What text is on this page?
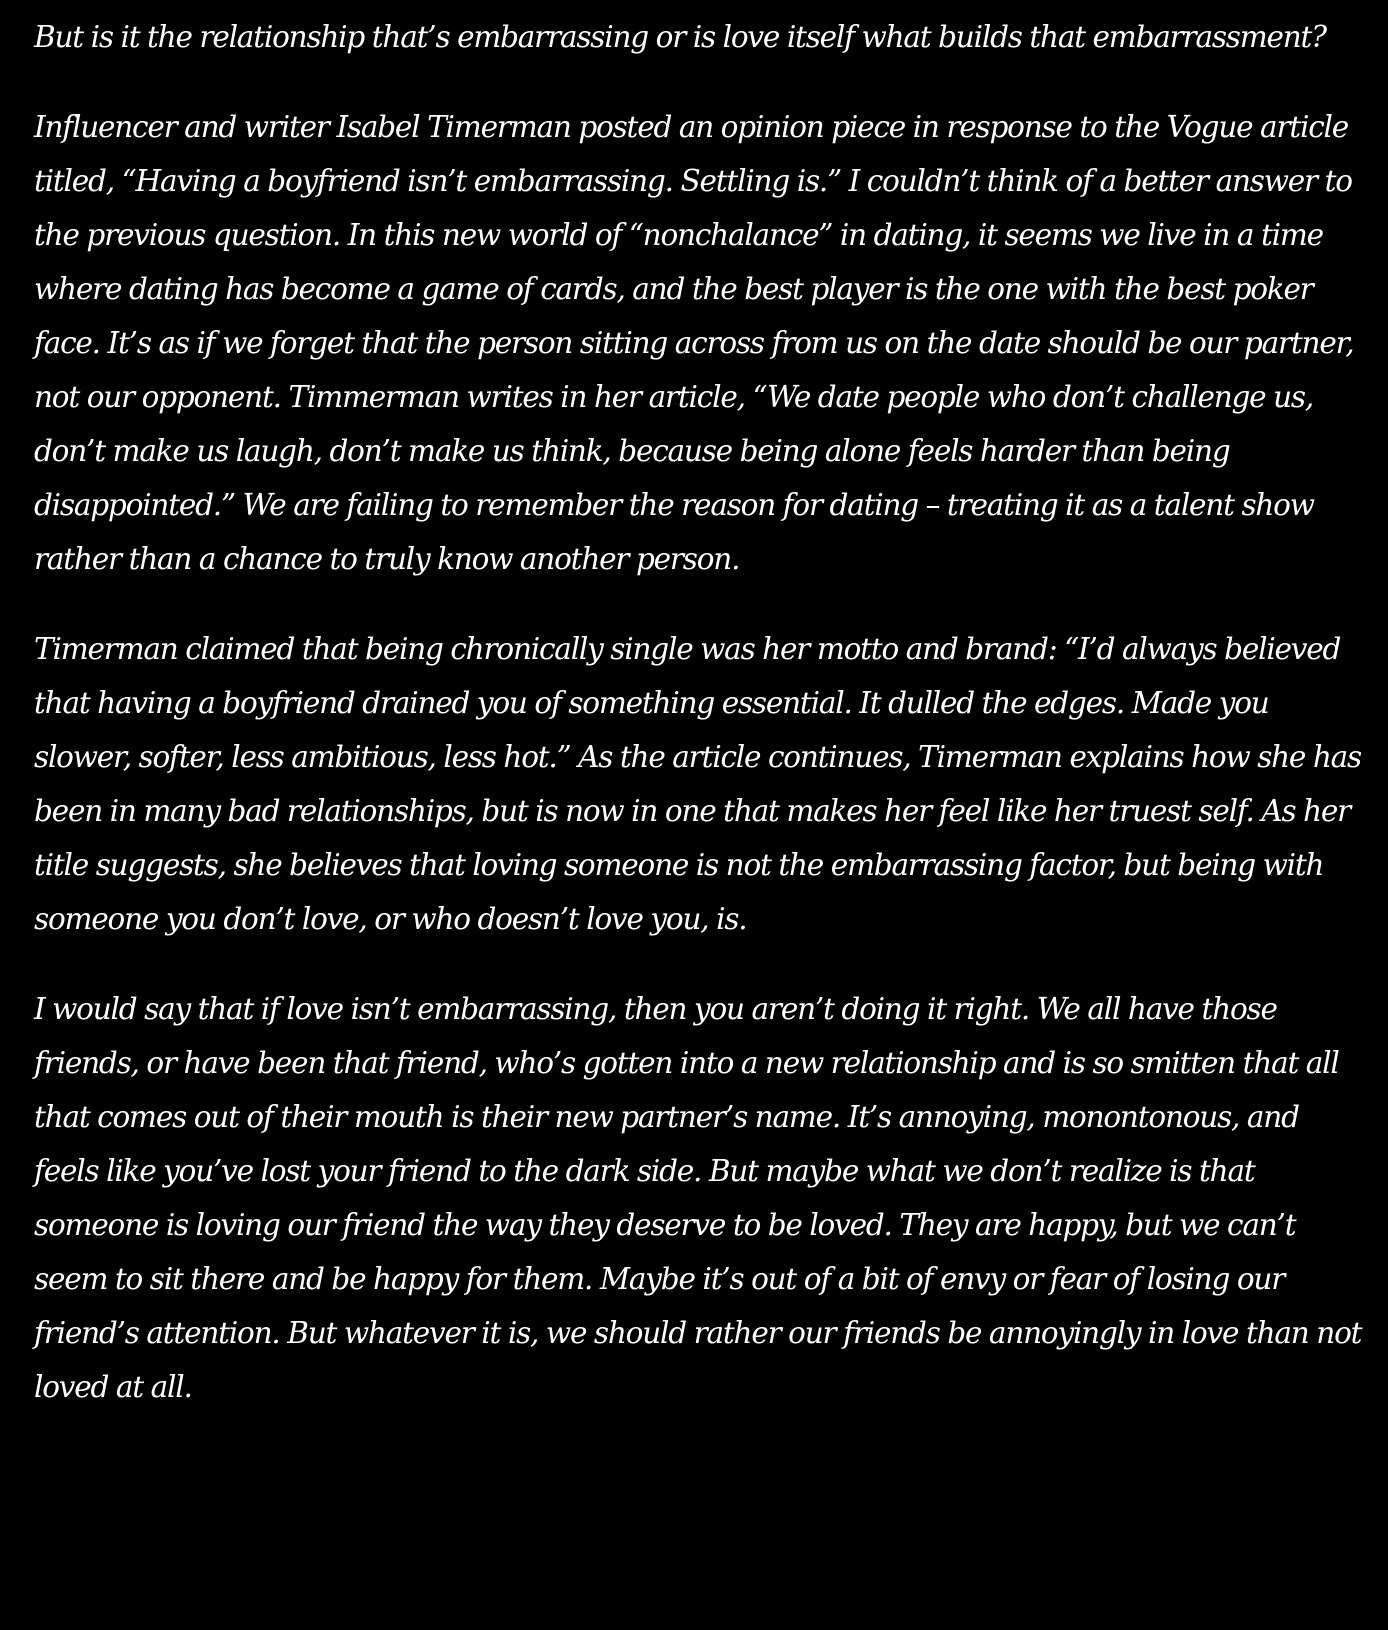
But is it the relationship that’s embarrassing or is love itself what builds that embarrassment?

Influencer and writer Isabel Timerman posted an opinion piece in response to the Vogue article titled, “Having a boyfriend isn’t embarrassing. Settling is.” I couldn’t think of a better answer to the previous question. In this new world of “nonchalance” in dating, it seems we live in a time where dating has become a game of cards, and the best player is the one with the best poker face. It’s as if we forget that the person sitting across from us on the date should be our partner, not our opponent. Timmerman writes in her article, “We date people who don’t challenge us, don’t make us laugh, don’t make us think, because being alone feels harder than being disappointed.” We are failing to remember the reason for dating – treating it as a talent show rather than a chance to truly know another person.

Timerman claimed that being chronically single was her motto and brand: “I’d always believed that having a boyfriend drained you of something essential. It dulled the edges. Made you slower, softer, less ambitious, less hot.” As the article continues, Timerman explains how she has been in many bad relationships, but is now in one that makes her feel like her truest self. As her title suggests, she believes that loving someone is not the embarrassing factor, but being with someone you don’t love, or who doesn’t love you, is.

I would say that if love isn’t embarrassing, then you aren’t doing it right. We all have those friends, or have been that friend, who’s gotten into a new relationship and is so smitten that all that comes out of their mouth is their new partner’s name. It’s annoying, monontonous, and feels like you’ve lost your friend to the dark side. But maybe what we don’t realize is that someone is loving our friend the way they deserve to be loved. They are happy, but we can’t seem to sit there and be happy for them. Maybe it’s out of a bit of envy or fear of losing our friend’s attention. But whatever it is, we should rather our friends be annoyingly in love than not loved at all.
